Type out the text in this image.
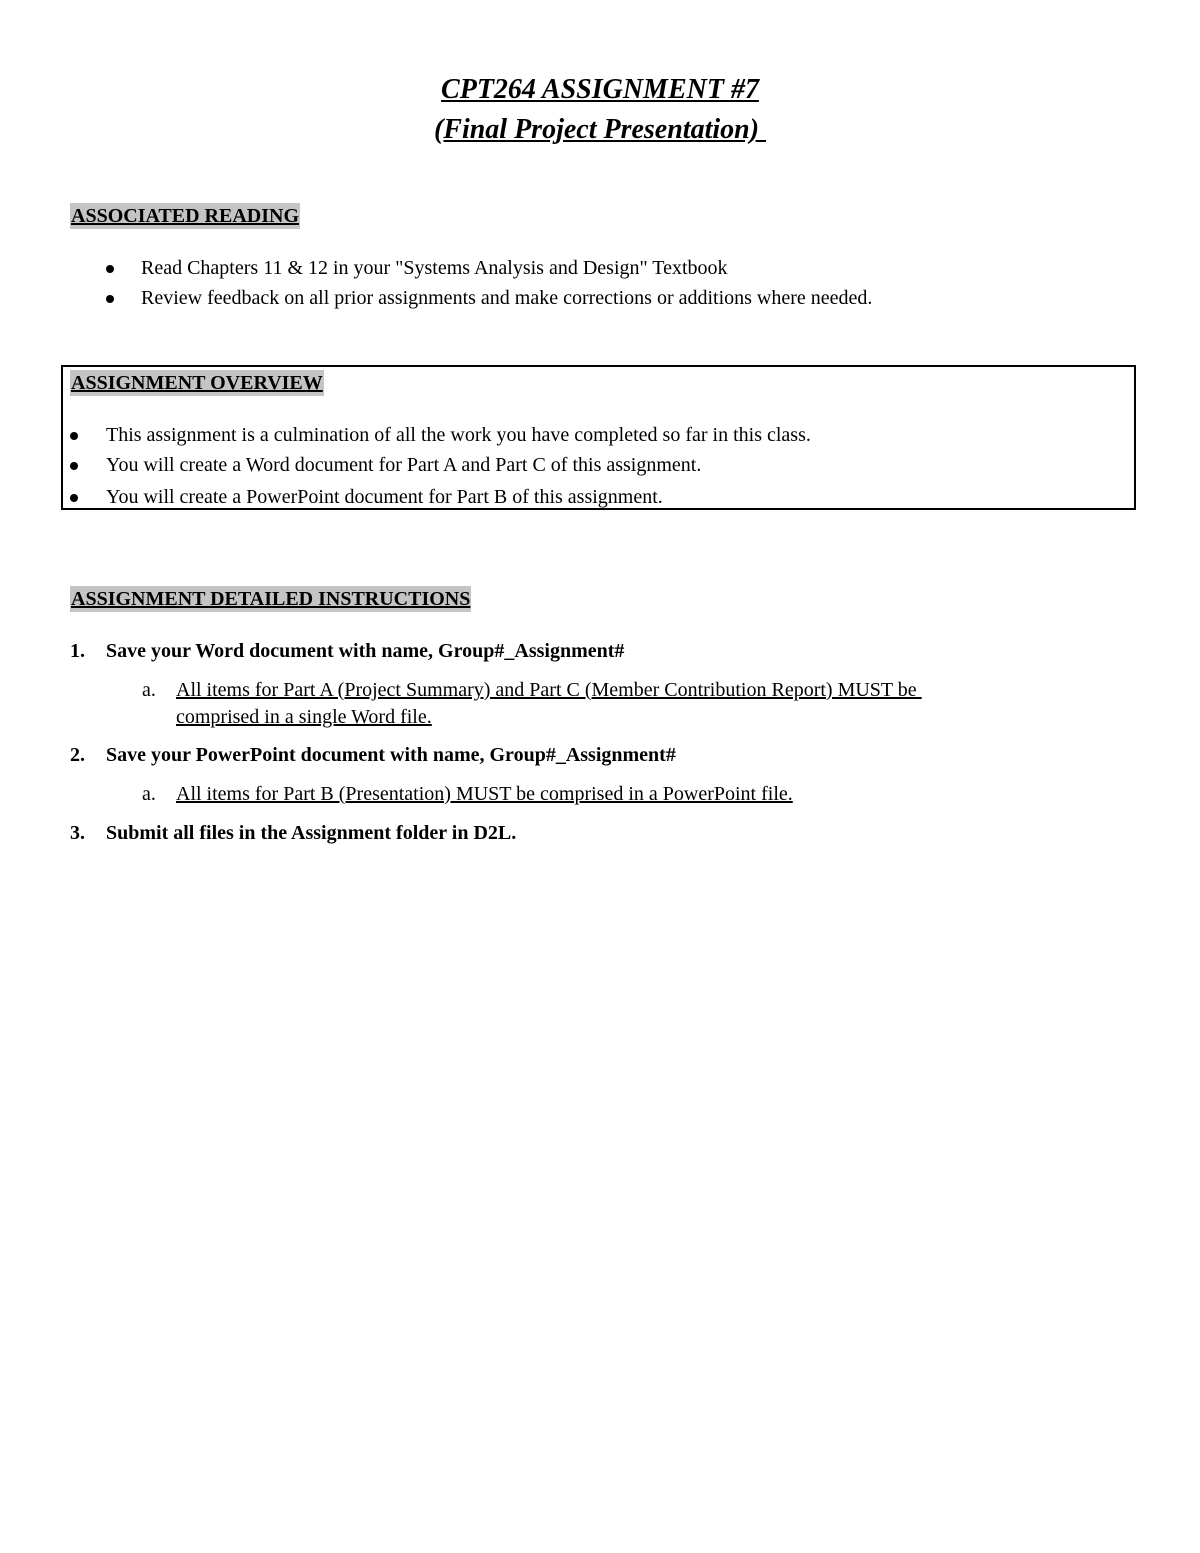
CPT264 ASSIGNMENT #7
(Final Project Presentation)
ASSOCIATED READING
Read Chapters 11 & 12 in your "Systems Analysis and Design" Textbook
Review feedback on all prior assignments and make corrections or additions where needed.
ASSIGNMENT OVERVIEW
This assignment is a culmination of all the work you have completed so far in this class.
You will create a Word document for Part A and Part C of this assignment.
You will create a PowerPoint document for Part B of this assignment.
ASSIGNMENT DETAILED INSTRUCTIONS
1. Save your Word document with name, Group#_Assignment#
a. All items for Part A (Project Summary) and Part C (Member Contribution Report) MUST be
comprised in a single Word file.
2. Save your PowerPoint document with name, Group#_Assignment#
a. All items for Part B (Presentation) MUST be comprised in a PowerPoint file.
3. Submit all files in the Assignment folder in D2L.
